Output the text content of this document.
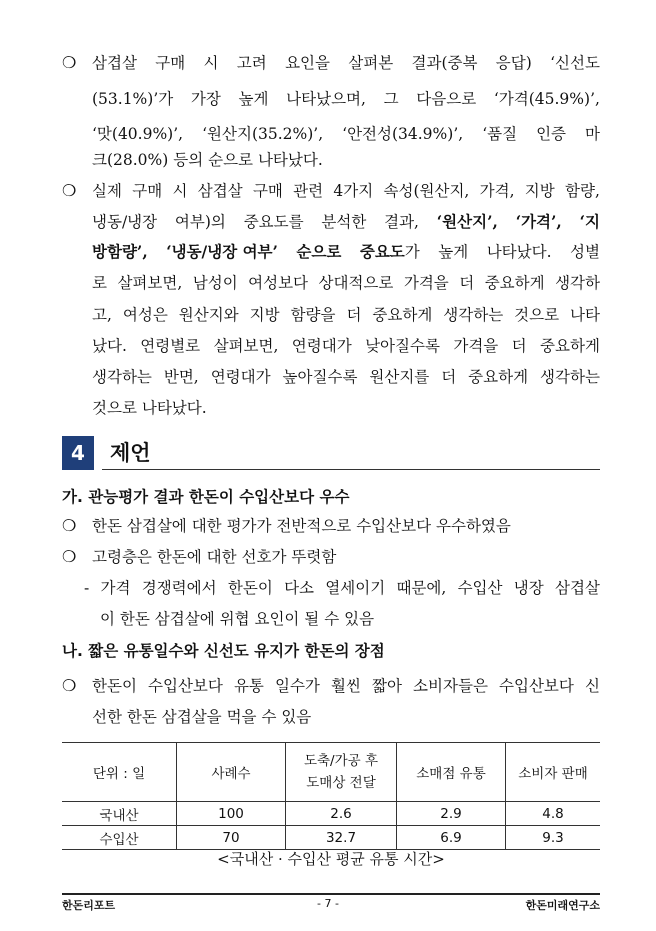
❍ 삼겹살 구매 시 고려 요인을 살펴본 결과(중복 응답) ‘신선도
(53.1%)’가 가장 높게 나타났으며, 그 다음으로 ‘가격(45.9%)’,
‘맛(40.9%)’, ‘원산지(35.2%)’, ‘안전성(34.9%)’, ‘품질 인증 마
크(28.0%) 등의 순으로 나타났다.
❍ 실제 구매 시 삼겹살 구매 관련 4가지 속성(원산지, 가격, 지방 함량,
냉동/냉장 여부)의 중요도를 분석한 결과, ‘원산지’, ‘가격’, ‘지
방함량’, ‘냉동/냉장 여부’ 순으로 중요도가 높게 나타났다. 성별
로 살펴보면, 남성이 여성보다 상대적으로 가격을 더 중요하게 생각하
고, 여성은 원산지와 지방 함량을 더 중요하게 생각하는 것으로 나타
났다. 연령별로 살펴보면, 연령대가 낮아질수록 가격을 더 중요하게
생각하는 반면, 연령대가 높아질수록 원산지를 더 중요하게 생각하는
것으로 나타났다.
4	제언
가. 관능평가 결과 한돈이 수입산보다 우수
❍ 한돈 삼겹살에 대한 평가가 전반적으로 수입산보다 우수하였음
❍ 고령층은 한돈에 대한 선호가 뚜렷함
- 가격 경쟁력에서 한돈이 다소 열세이기 때문에, 수입산 냉장 삼겹살
이 한돈 삼겹살에 위협 요인이 될 수 있음
나. 짧은 유통일수와 신선도 유지가 한돈의 장점
❍ 한돈이 수입산보다 유통 일수가 훨씬 짧아 소비자들은 수입산보다 신
선한 한돈 삼겹살을 먹을 수 있음
단위 : 일	사례수	도축/가공 후
도매상 전달	소매점 유통	소비자 판매
국내산	100	2.6	2.9	4.8
수입산	70	32.7	6.9	9.3
<국내산 · 수입산 평균 유통 시간>
한돈리포트	- 7 -	한돈미래연구소
